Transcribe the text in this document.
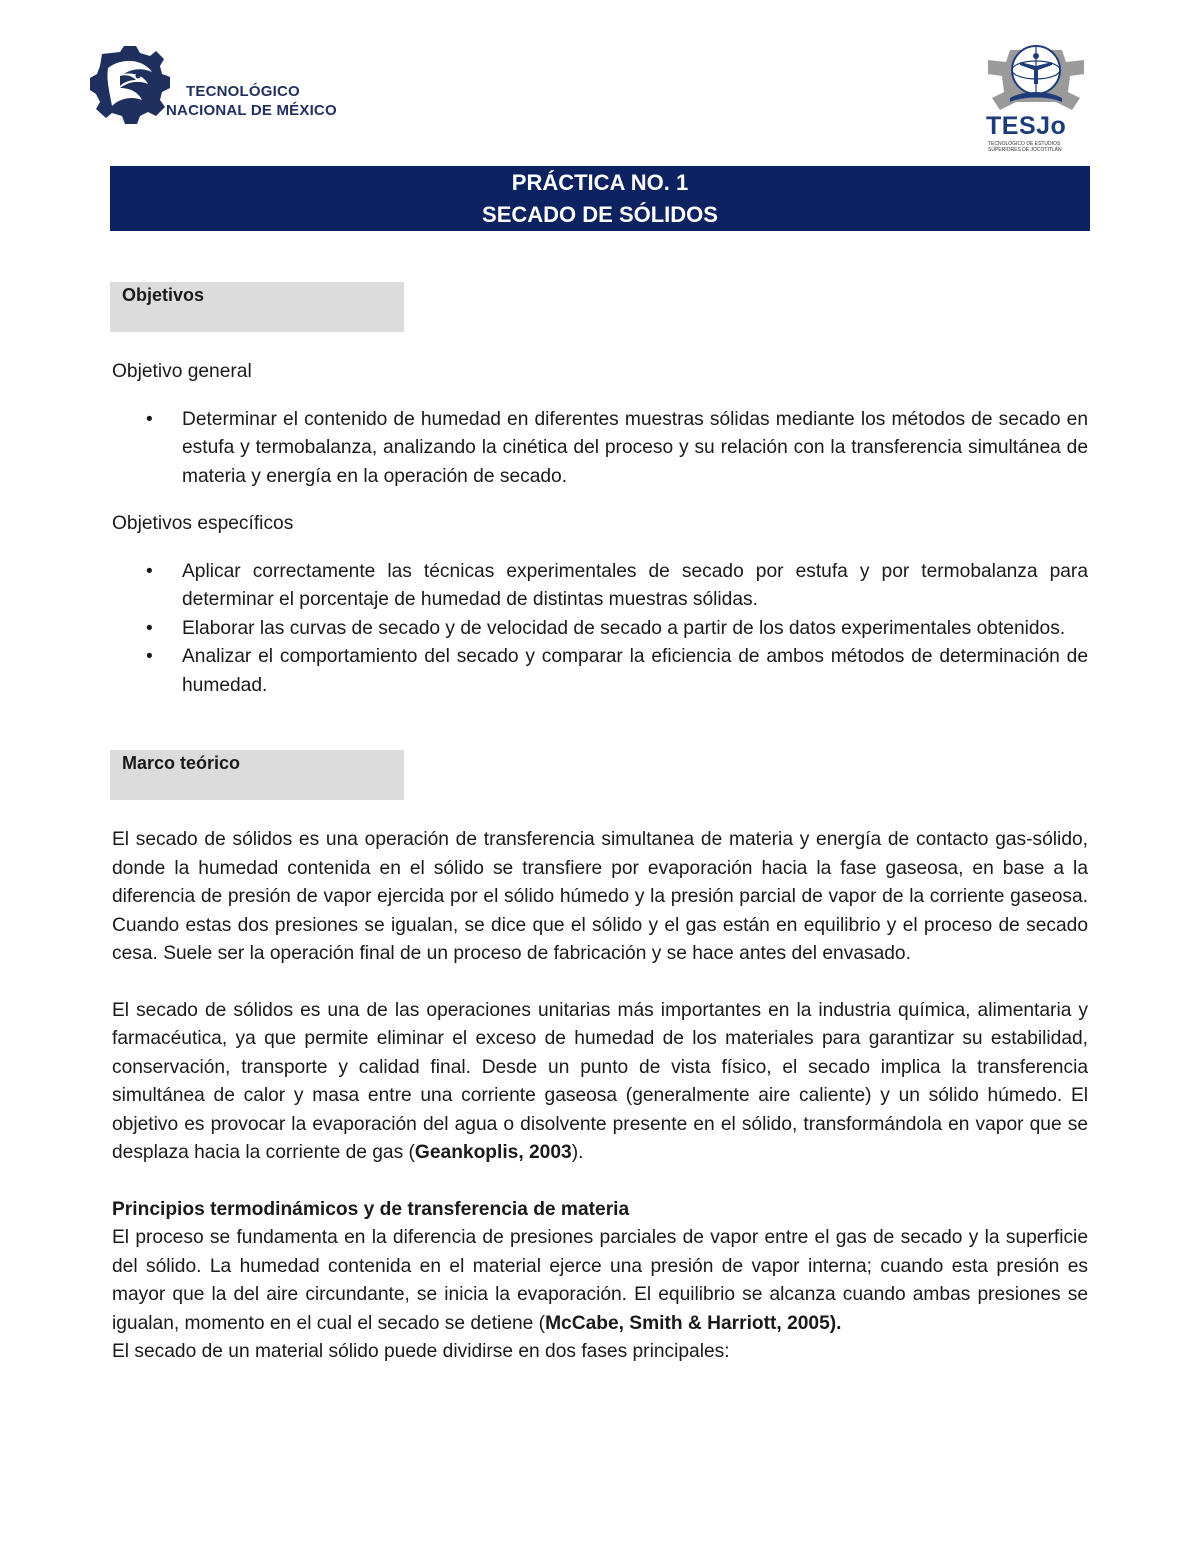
TECNOLÓGICO
NACIONAL DE MÉXICO
TESJo
TECNOLÓGICO DE ESTUDIOS SUPERIORES DE JOCOTITLÁN
PRÁCTICA NO. 1
SECADO DE SÓLIDOS
Objetivos

Objetivo general

• Determinar el contenido de humedad en diferentes muestras sólidas mediante los métodos de secado en estufa y termobalanza, analizando la cinética del proceso y su relación con la transferencia simultánea de materia y energía en la operación de secado.

Objetivos específicos

• Aplicar correctamente las técnicas experimentales de secado por estufa y por termobalanza para determinar el porcentaje de humedad de distintas muestras sólidas.
• Elaborar las curvas de secado y de velocidad de secado a partir de los datos experimentales obtenidos.
• Analizar el comportamiento del secado y comparar la eficiencia de ambos métodos de determinación de humedad.
Marco teórico

El secado de sólidos es una operación de transferencia simultanea de materia y energía de contacto gas-sólido, donde la humedad contenida en el sólido se transfiere por evaporación hacia la fase gaseosa, en base a la diferencia de presión de vapor ejercida por el sólido húmedo y la presión parcial de vapor de la corriente gaseosa. Cuando estas dos presiones se igualan, se dice que el sólido y el gas están en equilibrio y el proceso de secado cesa. Suele ser la operación final de un proceso de fabricación y se hace antes del envasado.

El secado de sólidos es una de las operaciones unitarias más importantes en la industria química, alimentaria y farmacéutica, ya que permite eliminar el exceso de humedad de los materiales para garantizar su estabilidad, conservación, transporte y calidad final. Desde un punto de vista físico, el secado implica la transferencia simultánea de calor y masa entre una corriente gaseosa (generalmente aire caliente) y un sólido húmedo. El objetivo es provocar la evaporación del agua o disolvente presente en el sólido, transformándola en vapor que se desplaza hacia la corriente de gas (Geankoplis, 2003).

Principios termodinámicos y de transferencia de materia

El proceso se fundamenta en la diferencia de presiones parciales de vapor entre el gas de secado y la superficie del sólido. La humedad contenida en el material ejerce una presión de vapor interna; cuando esta presión es mayor que la del aire circundante, se inicia la evaporación. El equilibrio se alcanza cuando ambas presiones se igualan, momento en el cual el secado se detiene (McCabe, Smith & Harriott, 2005).

El secado de un material sólido puede dividirse en dos fases principales:
